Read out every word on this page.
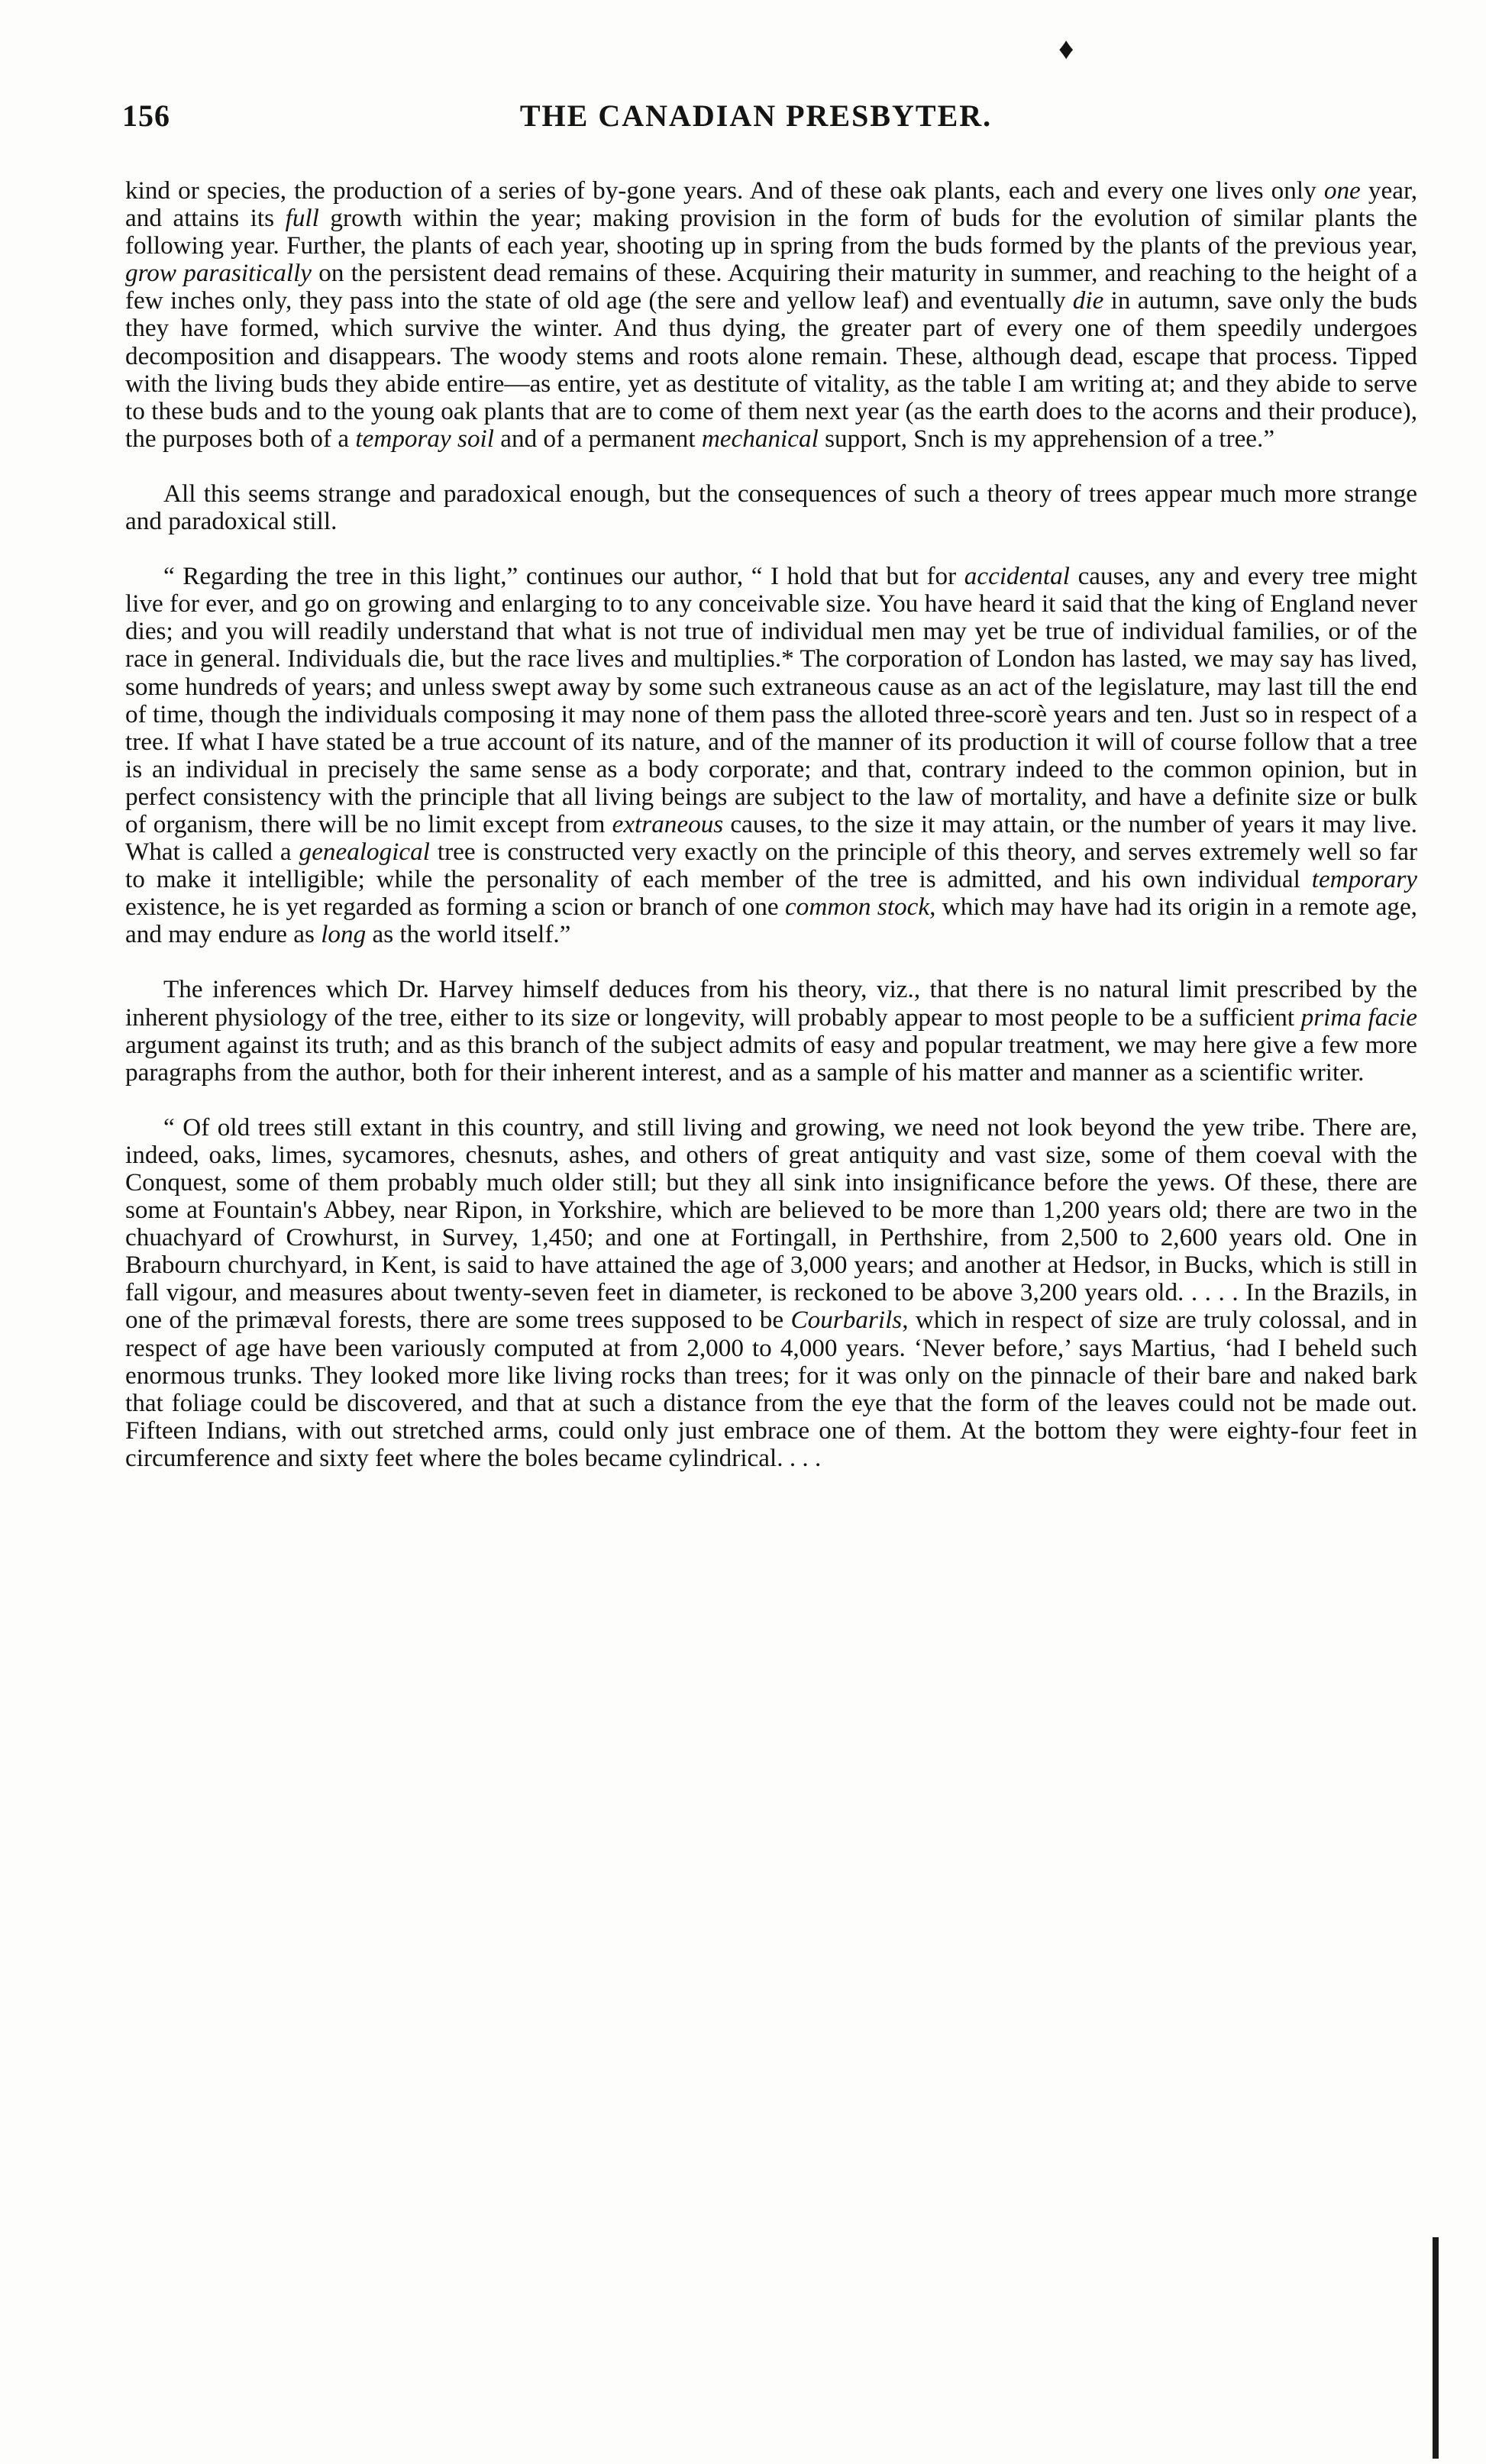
♦
156	THE CANADIAN PRESBYTER.

kind or species, the production of a series of by-gone years. And of these oak plants, each and every one lives only one year, and attains its full growth within the year; making provision in the form of buds for the evolution of similar plants the following year. Further, the plants of each year, shooting up in spring from the buds formed by the plants of the previous year, grow parasitically on the persistent dead remains of these. Acquiring their maturity in summer, and reaching to the height of a few inches only, they pass into the state of old age (the sere and yellow leaf) and eventually die in autumn, save only the buds they have formed, which survive the winter. And thus dying, the greater part of every one of them speedily undergoes decomposition and disappears. The woody stems and roots alone remain. These, although dead, escape that process. Tipped with the living buds they abide entire—as entire, yet as destitute of vitality, as the table I am writing at; and they abide to serve to these buds and to the young oak plants that are to come of them next year (as the earth does to the acorns and their produce), the purposes both of a temporay soil and of a permanent mechanical support, Snch is my apprehension of a tree.”

All this seems strange and paradoxical enough, but the consequences of such a theory of trees appear much more strange and paradoxical still.

“ Regarding the tree in this light,” continues our author, “ I hold that but for accidental causes, any and every tree might live for ever, and go on growing and enlarging to to any conceivable size. You have heard it said that the king of England never dies; and you will readily understand that what is not true of individual men may yet be true of individual families, or of the race in general. Individuals die, but the race lives and multiplies.* The corporation of London has lasted, we may say has lived, some hundreds of years; and unless swept away by some such extraneous cause as an act of the legislature, may last till the end of time, though the individuals composing it may none of them pass the alloted three-scorè years and ten. Just so in respect of a tree. If what I have stated be a true account of its nature, and of the manner of its production it will of course follow that a tree is an individual in precisely the same sense as a body corporate; and that, contrary indeed to the common opinion, but in perfect consistency with the principle that all living beings are subject to the law of mortality, and have a definite size or bulk of organism, there will be no limit except from extraneous causes, to the size it may attain, or the number of years it may live. What is called a genealogical tree is constructed very exactly on the principle of this theory, and serves extremely well so far to make it intelligible; while the personality of each member of the tree is admitted, and his own individual temporary existence, he is yet regarded as forming a scion or branch of one common stock, which may have had its origin in a remote age, and may endure as long as the world itself.”

The inferences which Dr. Harvey himself deduces from his theory, viz., that there is no natural limit prescribed by the inherent physiology of the tree, either to its size or longevity, will probably appear to most people to be a sufficient prima facie argument against its truth; and as this branch of the subject admits of easy and popular treatment, we may here give a few more paragraphs from the author, both for their inherent interest, and as a sample of his matter and manner as a scientific writer.

“ Of old trees still extant in this country, and still living and growing, we need not look beyond the yew tribe. There are, indeed, oaks, limes, sycamores, chesnuts, ashes, and others of great antiquity and vast size, some of them coeval with the Conquest, some of them probably much older still; but they all sink into insignificance before the yews. Of these, there are some at Fountain's Abbey, near Ripon, in Yorkshire, which are believed to be more than 1,200 years old; there are two in the chuachyard of Crowhurst, in Survey, 1,450; and one at Fortingall, in Perthshire, from 2,500 to 2,600 years old. One in Brabourn churchyard, in Kent, is said to have attained the age of 3,000 years; and another at Hedsor, in Bucks, which is still in fall vigour, and measures about twenty-seven feet in diameter, is reckoned to be above 3,200 years old. . . . . In the Brazils, in one of the primæval forests, there are some trees supposed to be Courbarils, which in respect of size are truly colossal, and in respect of age have been variously computed at from 2,000 to 4,000 years. ‘Never before,’ says Martius, ‘had I beheld such enormous trunks. They looked more like living rocks than trees; for it was only on the pinnacle of their bare and naked bark that foliage could be discovered, and that at such a distance from the eye that the form of the leaves could not be made out. Fifteen Indians, with out stretched arms, could only just embrace one of them. At the bottom they were eighty-four feet in circumference and sixty feet where the boles became cylindrical. . . .
